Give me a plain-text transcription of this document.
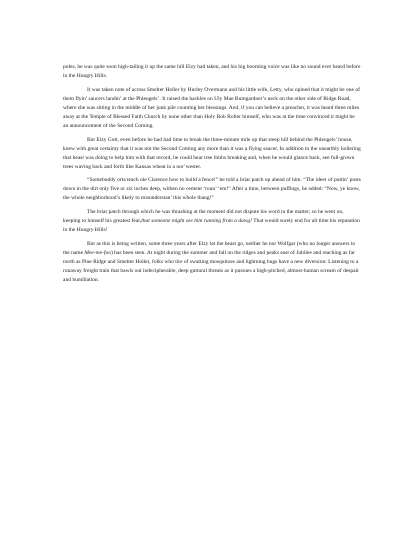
poles, he was quite soon high-tailing it up the same hill Elzy had taken, and his big booming voice was like no sound ever heard before in the Hungry Hills.

It was taken note of across Smelter Holler by Hurley Overmann and his little wife, Letty, who opined that it might be one of them flyin’ saucers landin’ at the Phleugels’. It raised the hackles on Uly Mae Bumgardner’s neck on the other side of Ridge Road, where she was sitting in the middle of her junk pile counting her blessings. And, if you can believe a preacher, it was heard three miles away at the Temple of Blessed Faith Church by none other than Holy Bob Roller himself, who was at the time convinced it might be an announcement of the Second Coming.

But Elzy Gott, even before he had had time to break the three-minute mile up that steep hill behind the Phleugels’ house, knew with great certainty that it was not the Second Coming any more than it was a flying saucer. In addition to the unearthly hollering that beast was doing to help him with that record, he could hear tree limbs breaking and, when he would glance back, see full-grown trees waving back and forth like Kansas wheat in a nor’wester.

“Somebuddy orta teach ole Clarence how to build a fence!” he told a briar patch up ahead of him. “The ideer of puttin’ posts down in the dirt only five or six inches deep, withen no cement ‘roun’ ‘em!” After a time, between puffings, he added: “Now, ye know, the whole neighborhood’s likely to misunderstan’ this whole thang!”

The briar patch through which he was thrashing at the moment did not dispute his word in the matter; so he went on, keeping to himself his greatest fear,that someone might see him running from a dawg! That would surely end for all time his reputation in the Hungry Hills!

But as this is being written, some three years after Elzy let the beast go, neither he nor Wolfgar (who no longer answers to the name Mee-me-foo) has been seen. At night during the summer and fall on the ridges and peaks east of Jubilee and reaching as far north as Pine Ridge and Smelter Holler, folks who tire of swatting mosquitoes and lightning bugs have a new diversion: Listening to a runaway freight train that bawls out indecipherable, deep guttural threats as it pursues a high-pitched, almost-human scream of despair and humiliation.
